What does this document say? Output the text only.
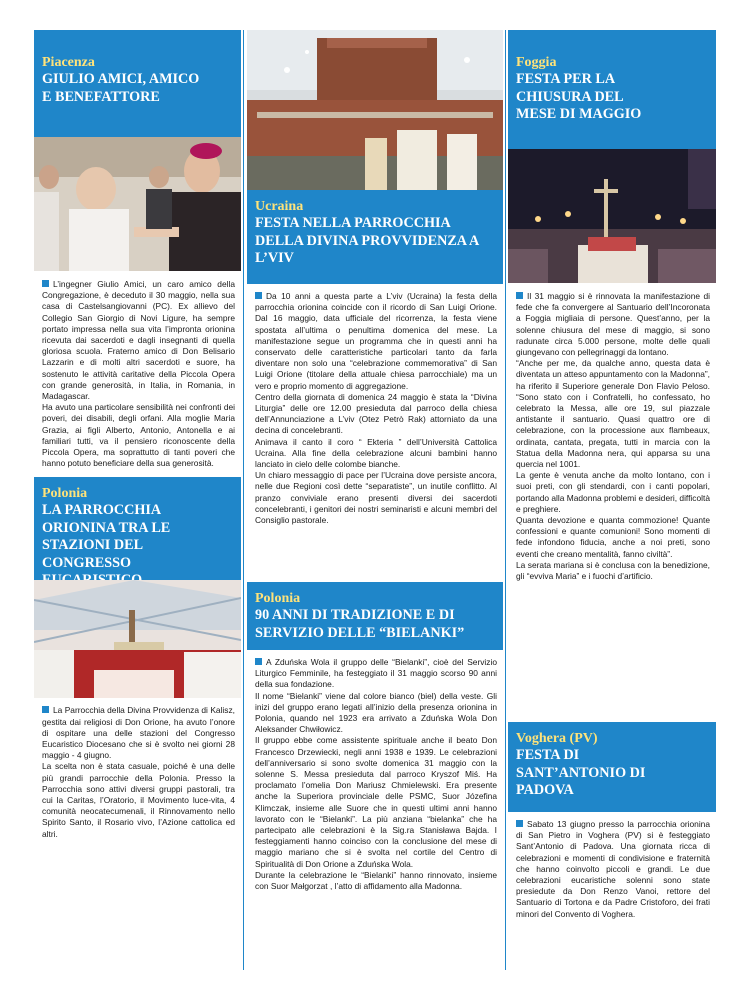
Piacenza
GIULIO AMICI, AMICO E BENEFATTORE

L’ingegner Giulio Amici, un caro amico della Congregazione, è deceduto il 30 maggio, nella sua casa di Castelsangiovanni (PC). Ex allievo del Collegio San Giorgio di Novi Ligure, ha sempre portato impressa nella sua vita l’impronta orionina ricevuta dai sacerdoti e dagli insegnanti di quella gloriosa scuola. Fraterno amico di Don Belisario Lazzarin e di molti altri sacerdoti e suore, ha sostenuto le attività caritative della Piccola Opera con grande generosità, in Italia, in Romania, in Madagascar.

Ha avuto una particolare sensibilità nei confronti dei poveri, dei disabili, degli orfani. Alla moglie Maria Grazia, ai figli Alberto, Antonio, Antonella e ai familiari tutti, va il pensiero riconoscente della Piccola Opera, ma soprattutto di tanti poveri che hanno potuto beneficiare della sua generosità.

Polonia
LA PARROCCHIA ORIONINA TRA LE STAZIONI DEL CONGRESSO

La Parrocchia della Divina Provvidenza di Kalisz, gestita dai religiosi di Don Orione, ha avuto l’onore di ospitare una delle stazioni del Congresso Eucaristico Diocesano che si è svolto nei giorni 28 maggio - 4 giugno.

La scelta non è stata casuale, poiché è una delle più grandi parrocchie della Polonia. Presso la Parrocchia sono attivi diversi gruppi pastorali, tra cui la Caritas, l’Oratorio, il Movimento luce-vita, 4 comunità neocatecumenali, il Rinnovamento nello Spirito Santo, il Rosario vivo, l’Azione cattolica ed altri.

Ucraina
FESTA NELLA PARROCCHIA DELLA DIVINA PROVVIDENZA A L’VIV

Da 10 anni a questa parte a L’viv (Ucraina) la festa della parrocchia orionina coincide con il ricordo di San Luigi Orione. Dal 16 maggio, data ufficiale del ricorrenza, la festa viene spostata all’ultima o penultima domenica del mese. La manifestazione segue un programma che in questi anni ha conservato delle caratteristiche particolari tanto da farla diventare non solo una “celebrazione commemorativa” di San Luigi Orione (titolare della attuale chiesa parrocchiale) ma un vero e proprio momento di aggregazione.

Centro della giornata di domenica 24 maggio è stata la “Divina Liturgia” delle ore 12.00 presieduta dal parroco della chiesa dell’Annunciazione a L’viv (Otez Petrò Rak) attorniato da una decina di concelebranti.

Animava il canto il coro “ Ekteria ” dell’Università Cattolica Ucraina. Alla fine della celebrazione alcuni bambini hanno lanciato in cielo delle colombe bianche.

Un chiaro messaggio di pace per l’Ucraina dove persiste ancora, nelle due Regioni così dette “separatiste”, un inutile conflitto. Al pranzo conviviale erano presenti diversi dei sacerdoti concelebranti, i genitori dei nostri seminaristi e alcuni membri del Consiglio pastorale.

Polonia
90 ANNI DI TRADIZIONE E DI SERVIZIO DELLE “BIELANKI”

A Zduńska Wola il gruppo delle “Bielanki”, cioè del Servizio Liturgico Femminile, ha festeggiato il 31 maggio scorso 90 anni della sua fondazione.

Il nome “Bielanki” viene dal colore bianco (biel) della veste. Gli inizi del gruppo erano legati all’inizio della presenza orionina in Polonia, quando nel 1923 era arrivato a Zduńska Wola Don Aleksander Chwiłowicz.

Il gruppo ebbe come assistente spirituale anche il beato Don Francesco Drzewiecki, negli anni 1938 e 1939. Le celebrazioni dell’anniversario si sono svolte domenica 31 maggio con la solenne S. Messa presieduta dal parroco Kryszof Miś. Ha proclamato l’omelia Don Mariusz Chmielewski. Era presente anche la Superiora provinciale delle PSMC, Suor Józefina Klimczak, insieme alle Suore che in questi ultimi anni hanno lavorato con le “Bielanki”. La più anziana “bielanka” che ha partecipato alle celebrazioni è la Sig.ra Stanisława Bajda. I festeggiamenti hanno coinciso con la conclusione del mese di maggio mariano che si è svolta nel cortile del Centro di Spiritualità di Don Orione a Zduńska Wola.

Durante la celebrazione le “Bielanki” hanno rinnovato, insieme con Suor Małgorzat , l’atto di affidamento alla Madonna.

Foggia
FESTA PER LA CHIUSURA DEL MESE DI MAGGIO

Il 31 maggio si è rinnovata la manifestazione di fede che fa convergere al Santuario dell’Incoronata a Foggia migliaia di persone. Quest’anno, per la solenne chiusura del mese di maggio, si sono radunate circa 5.000 persone, molte delle quali giungevano con pellegrinaggi da lontano.

“Anche per me, da qualche anno, questa data è diventata un atteso appuntamento con la Madonna”, ha riferito il Superiore generale Don Flavio Peloso. “Sono stato con i Confratelli, ho confessato, ho celebrato la Messa, alle ore 19, sul piazzale antistante il santuario. Quasi quattro ore di celebrazione, con la processione aux flambeaux, ordinata, cantata, pregata, tutti in marcia con la Statua della Madonna nera, qui apparsa su una quercia nel 1001.

La gente è venuta anche da molto lontano, con i suoi preti, con gli stendardi, con i canti popolari, portando alla Madonna problemi e desideri, difficoltà e preghiere.

Quanta devozione e quanta commozione! Quante confessioni e quante comunioni! Sono momenti di fede infondono fiducia, anche a noi preti, sono eventi che creano mentalità, fanno civiltà”.

La serata mariana si è conclusa con la benedizione, gli “evviva Maria” e i fuochi d’artificio.

Voghera (PV)
FESTA DI SANT’ANTONIO DI PADOVA

Sabato 13 giugno presso la parrocchia orionina di San Pietro in Voghera (PV) si è festeggiato Sant’Antonio di Padova. Una giornata ricca di celebrazioni e momenti di condivisione e fraternità che hanno coinvolto piccoli e grandi. Le due celebrazioni eucaristiche solenni sono state presiedute da Don Renzo Vanoi, rettore del Santuario di Tortona e da Padre Cristoforo, dei frati minori del Convento di Voghera.
